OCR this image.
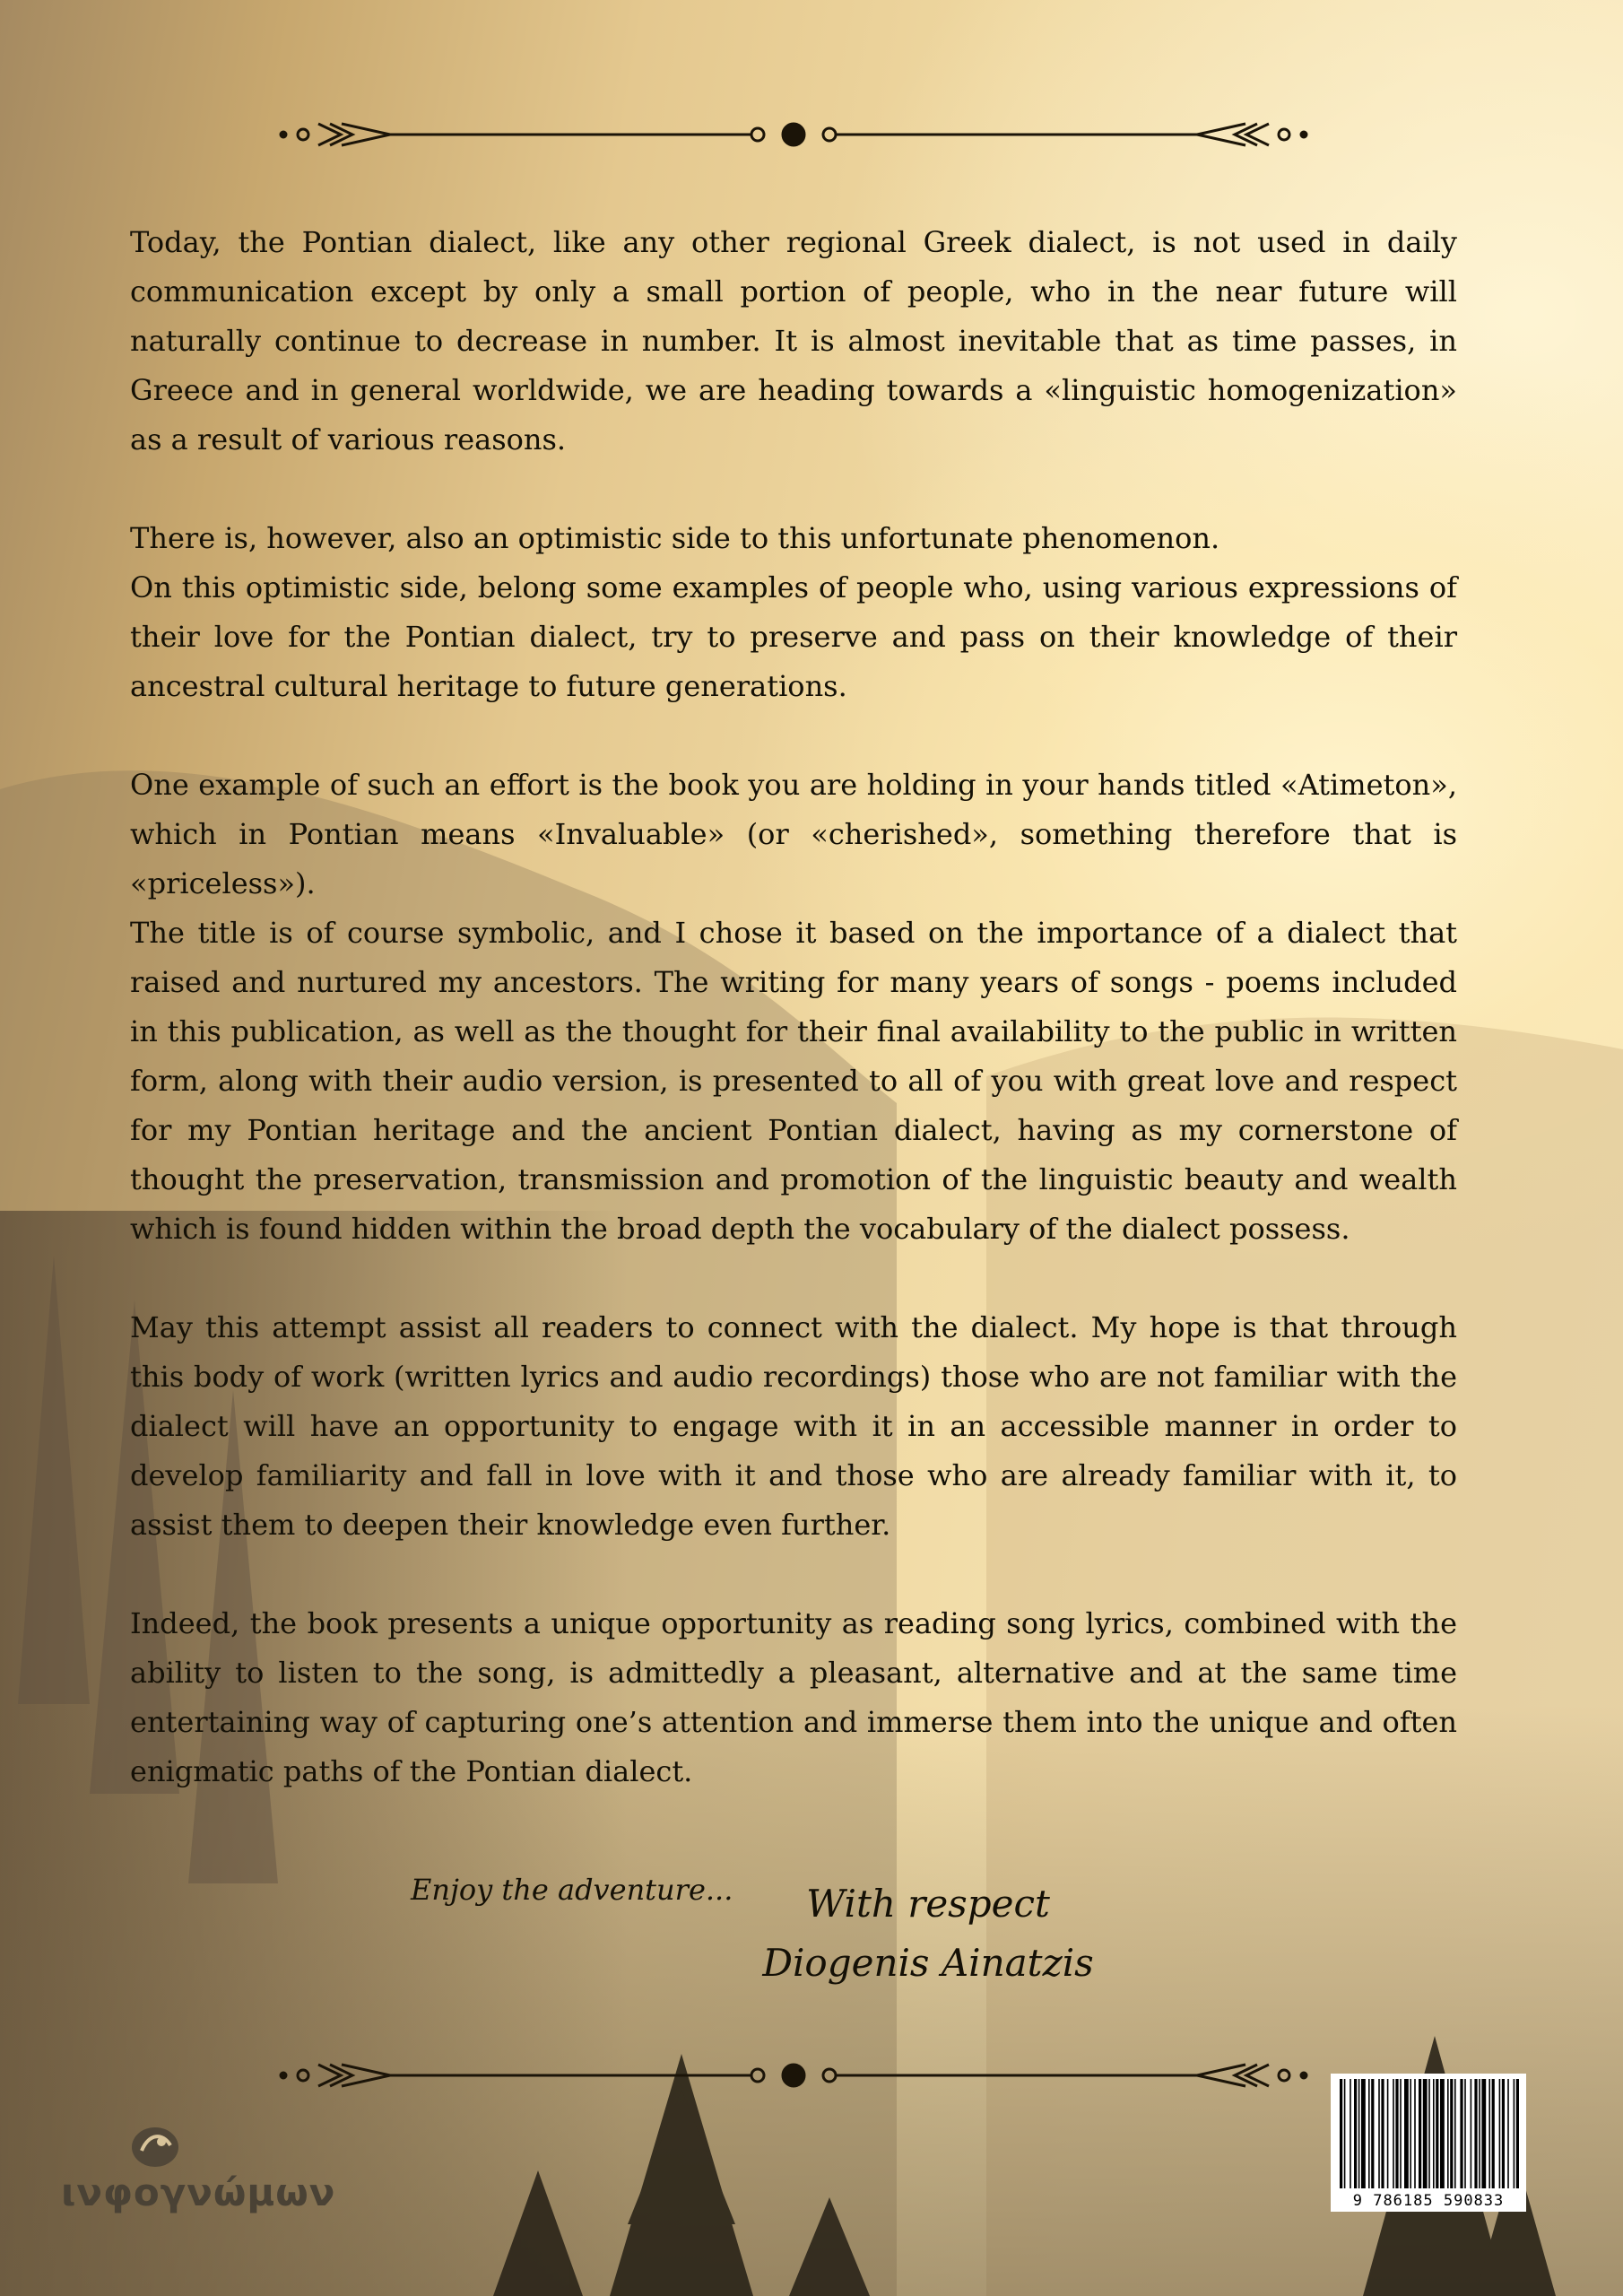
Today, the Pontian dialect, like any other regional Greek dialect, is not used in daily communication except by only a small portion of people, who in the near future will naturally continue to decrease in number. It is almost inevitable that as time passes, in Greece and in general worldwide, we are heading towards a «linguistic homogenization» as a result of various reasons.

There is, however, also an optimistic side to this unfortunate phenomenon.

On this optimistic side, belong some examples of people who, using various expressions of their love for the Pontian dialect, try to preserve and pass on their knowledge of their ancestral cultural heritage to future generations.

One example of such an effort is the book you are holding in your hands titled «Atimeton», which in Pontian means «Invaluable» (or «cherished», something therefore that is «priceless»).

The title is of course symbolic, and I chose it based on the importance of a dialect that raised and nurtured my ancestors. The writing for many years of songs - poems included in this publication, as well as the thought for their final availability to the public in written form, along with their audio version, is presented to all of you with great love and respect for my Pontian heritage and the ancient Pontian dialect, having as my cornerstone of thought the preservation, transmission and promotion of the linguistic beauty and wealth which is found hidden within the broad depth the vocabulary of the dialect possess.

May this attempt assist all readers to connect with the dialect. My hope is that through this body of work (written lyrics and audio recordings) those who are not familiar with the dialect will have an opportunity to engage with it in an accessible manner in order to develop familiarity and fall in love with it and those who are already familiar with it, to assist them to deepen their knowledge even further.

Indeed, the book presents a unique opportunity as reading song lyrics, combined with the ability to listen to the song, is admittedly a pleasant, alternative and at the same time entertaining way of capturing one’s attention and immerse them into the unique and often enigmatic paths of the Pontian dialect.

Enjoy the adventure...	With respect
Diogenis Ainatzis
ινφογνώμων	9 786185 590833
